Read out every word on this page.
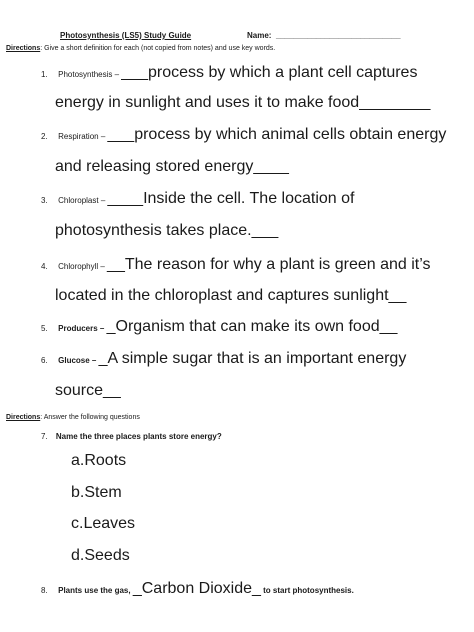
Photosynthesis (LS5) Study Guide	Name: ____________________________
Directions: Give a short definition for each (not copied from notes) and use key words.
1. Photosynthesis – ___process by which a plant cell captures
energy in sunlight and uses it to make food________
2. Respiration – ___process by which animal cells obtain energy
and releasing stored energy____
3. Chloroplast – ____Inside the cell. The location of
photosynthesis takes place.___
4. Chlorophyll – __The reason for why a plant is green and it’s
located in the chloroplast and captures sunlight__
5. Producers – _Organism that can make its own food__
6. Glucose – _A simple sugar that is an important energy
source__
Directions: Answer the following questions
7. Name the three places plants store energy?
a.Roots
b.Stem
c.Leaves
d.Seeds
8. Plants use the gas, _Carbon Dioxide_ to start photosynthesis.
